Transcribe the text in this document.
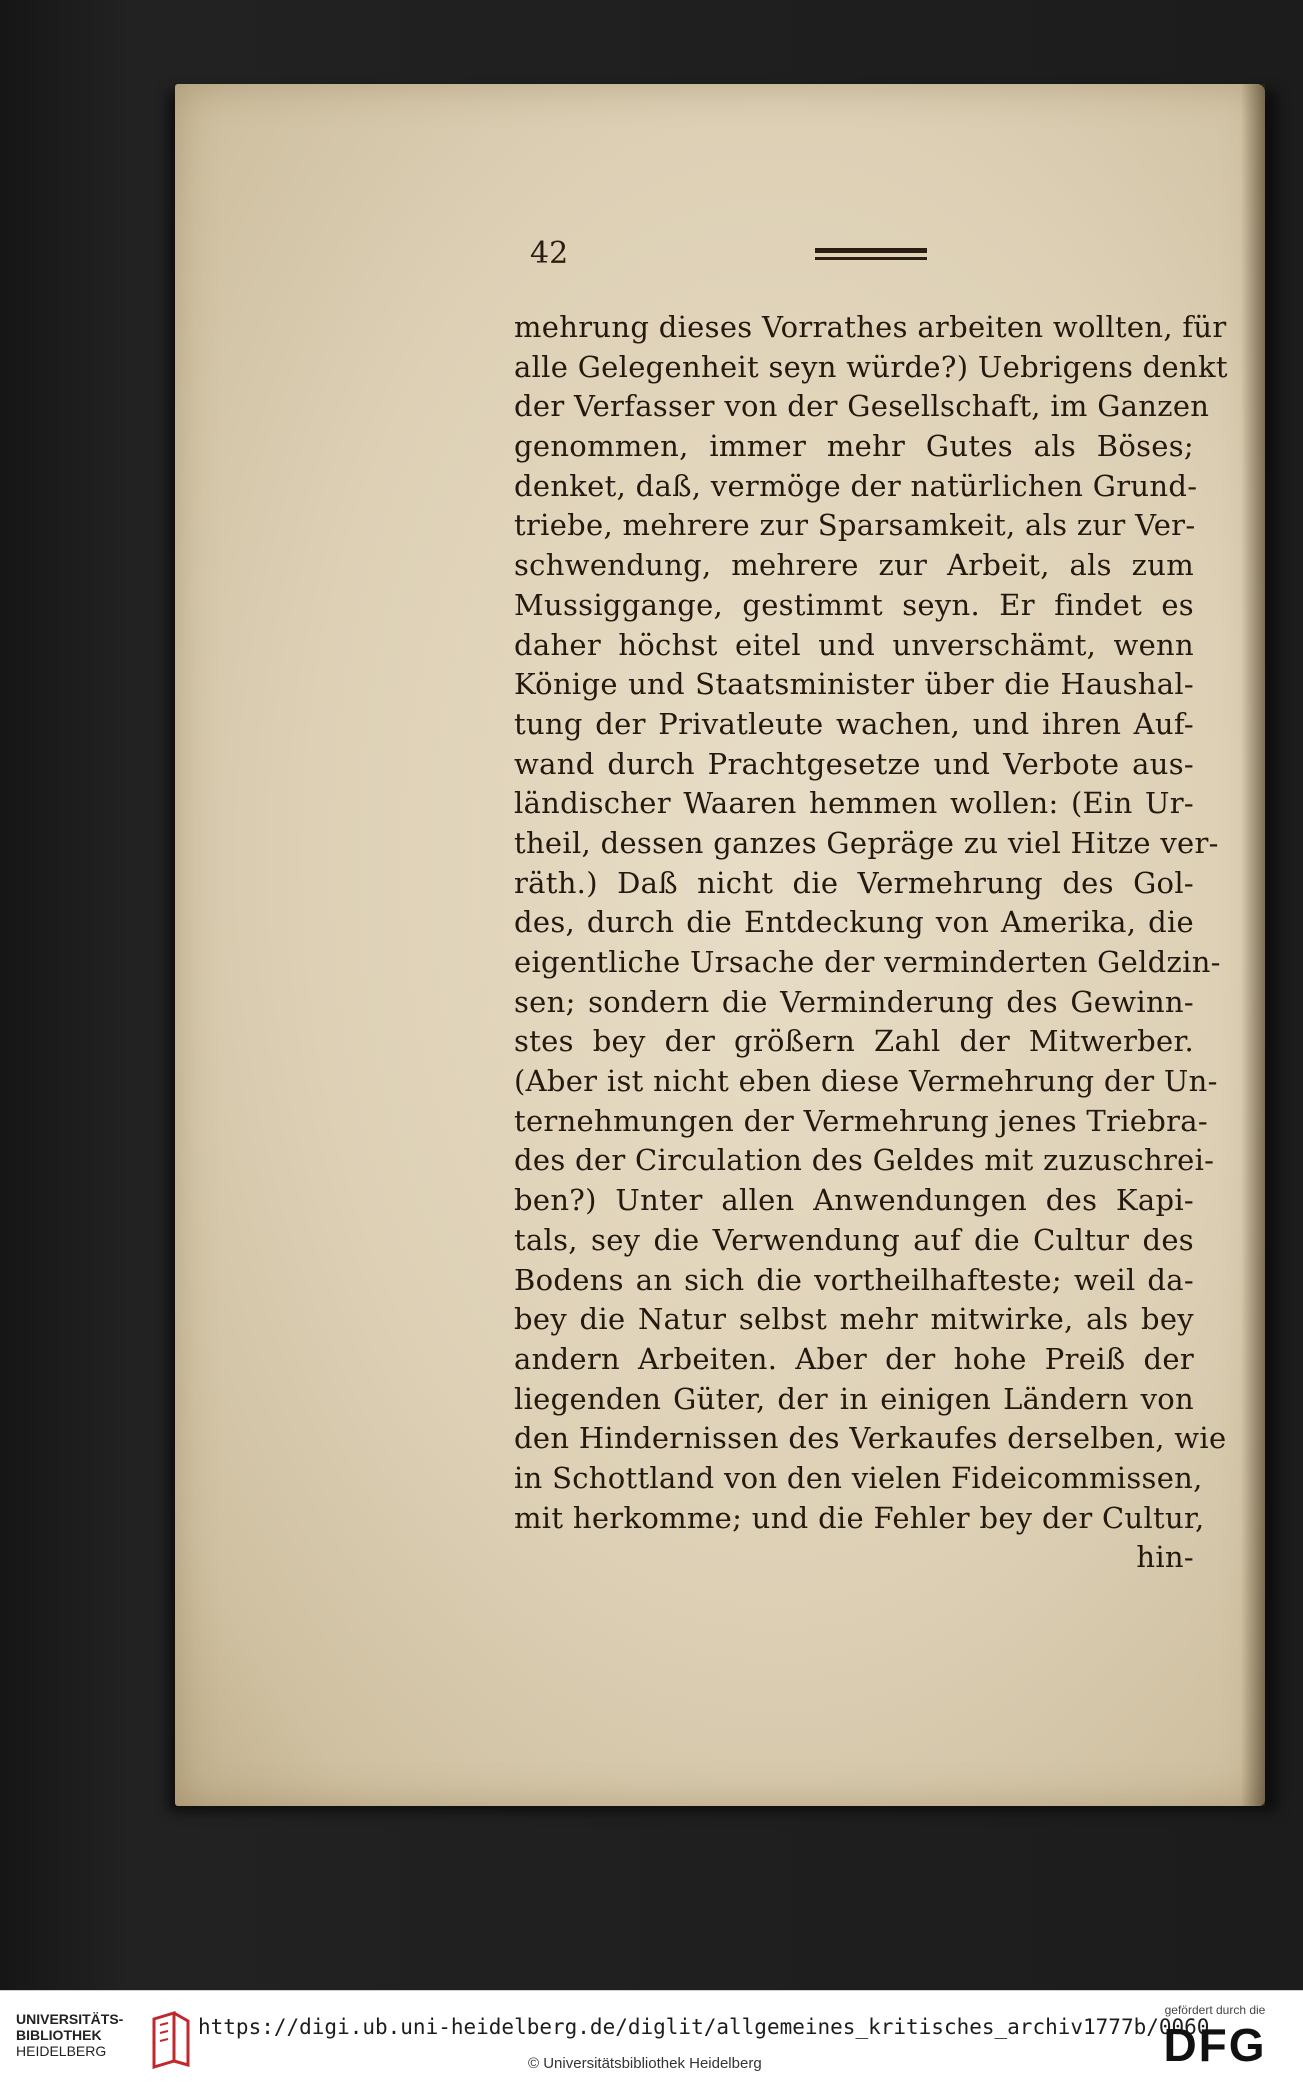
42
mehrung dieses Vorrathes arbeiten wollten, für
alle Gelegenheit seyn würde?) Uebrigens denkt
der Verfasser von der Gesellschaft, im Ganzen
genommen, immer mehr Gutes als Böses;
denket, daß, vermöge der natürlichen Grund-
triebe, mehrere zur Sparsamkeit, als zur Ver-
schwendung, mehrere zur Arbeit, als zum
Mussiggange, gestimmt seyn. Er findet es
daher höchst eitel und unverschämt, wenn
Könige und Staatsminister über die Haushal-
tung der Privatleute wachen, und ihren Auf-
wand durch Prachtgesetze und Verbote aus-
ländischer Waaren hemmen wollen: (Ein Ur-
theil, dessen ganzes Gepräge zu viel Hitze ver-
räth.) Daß nicht die Vermehrung des Gol-
des, durch die Entdeckung von Amerika, die
eigentliche Ursache der verminderten Geldzin-
sen; sondern die Verminderung des Gewinn-
stes bey der größern Zahl der Mitwerber.
(Aber ist nicht eben diese Vermehrung der Un-
ternehmungen der Vermehrung jenes Triebra-
des der Circulation des Geldes mit zuzuschrei-
ben?) Unter allen Anwendungen des Kapi-
tals, sey die Verwendung auf die Cultur des
Bodens an sich die vortheilhafteste; weil da-
bey die Natur selbst mehr mitwirke, als bey
andern Arbeiten. Aber der hohe Preiß der
liegenden Güter, der in einigen Ländern von
den Hindernissen des Verkaufes derselben, wie
in Schottland von den vielen Fideicommissen,
mit herkomme; und die Fehler bey der Cultur,
hin-
UNIVERSITÄTS-
BIBLIOTHEK
HEIDELBERG
https://digi.ub.uni-heidelberg.de/diglit/allgemeines_kritisches_archiv1777b/0060
© Universitätsbibliothek Heidelberg
gefördert durch die
DFG
